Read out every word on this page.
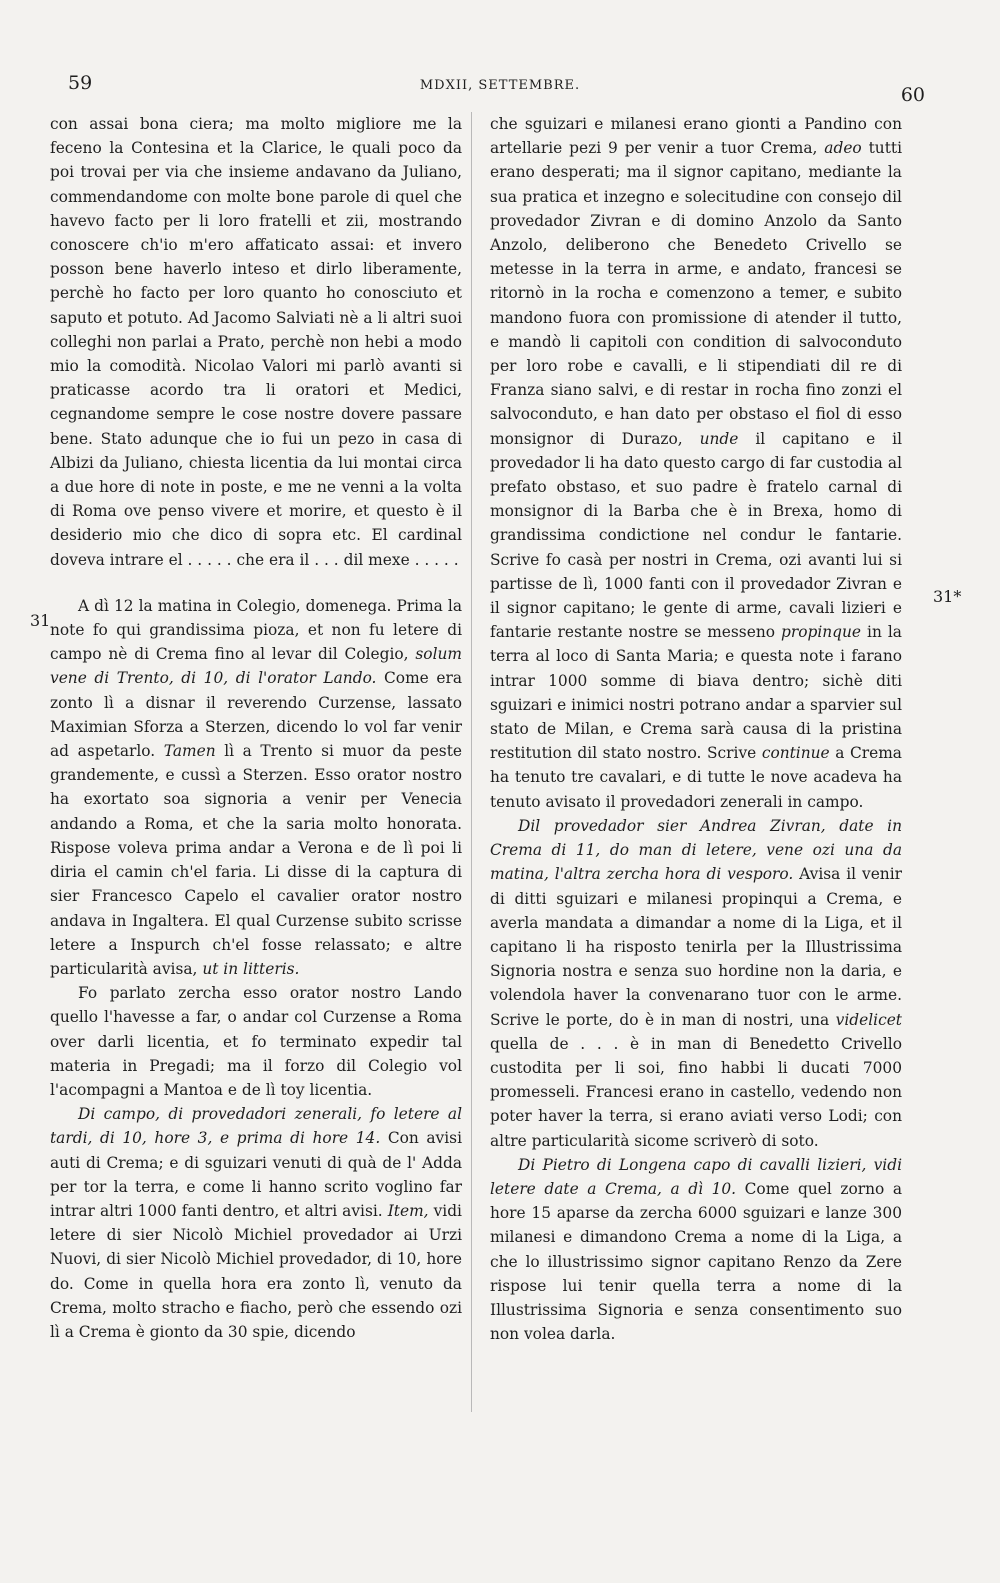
59	MDXII, SETTEMBRE.	60
31
31*

con assai bona ciera; ma molto migliore me la feceno la Contesina et la Clarice, le quali poco da poi trovai per via che insieme andavano da Juliano, commendandome con molte bone parole di quel che havevo facto per li loro fratelli et zii, mostrando conoscere ch'io m'ero affaticato assai: et invero posson bene haverlo inteso et dirlo liberamente, perchè ho facto per loro quanto ho conosciuto et saputo et potuto. Ad Jacomo Salviati nè a li altri suoi colleghi non parlai a Prato, perchè non hebi a modo mio la comodità. Nicolao Valori mi parlò avanti si praticasse acordo tra li oratori et Medici, cegnandome sempre le cose nostre dovere passare bene. Stato adunque che io fui un pezo in casa di Albizi da Juliano, chiesta licentia da lui montai circa a due hore di note in poste, e me ne venni a la volta di Roma ove penso vivere et morire, et questo è il desiderio mio che dico di sopra etc. El cardinal doveva intrare el . . . . . che era il . . . dil mexe . . . . .

A dì 12 la matina in Colegio, domenega. Prima la note fo qui grandissima pioza, et non fu letere di campo nè di Crema fino al levar dil Colegio, solum vene di Trento, di 10, di l'orator Lando. Come era zonto lì a disnar il reverendo Curzense, lassato Maximian Sforza a Sterzen, dicendo lo vol far venir ad aspetarlo. Tamen lì a Trento si muor da peste grandemente, e cussì a Sterzen. Esso orator nostro ha exortato soa signoria a venir per Venecia andando a Roma, et che la saria molto honorata. Rispose voleva prima andar a Verona e de lì poi li diria el camin ch'el faria. Li disse di la captura di sier Francesco Capelo el cavalier orator nostro andava in Ingaltera. El qual Curzense subito scrisse letere a Inspurch ch'el fosse relassato; e altre particularità avisa, ut in litteris.

Fo parlato zercha esso orator nostro Lando quello l'havesse a far, o andar col Curzense a Roma over darli licentia, et fo terminato expedir tal materia in Pregadi; ma il forzo dil Colegio vol l'acompagni a Mantoa e de lì toy licentia.

Di campo, di provedadori zenerali, fo letere al tardi, di 10, hore 3, e prima di hore 14. Con avisi auti di Crema; e di sguizari venuti di quà de l' Adda per tor la terra, e come li hanno scrito voglino far intrar altri 1000 fanti dentro, et altri avisi. Item, vidi letere di sier Nicolò Michiel provedador ai Urzi Nuovi, di sier Nicolò Michiel provedador, di 10, hore do. Come in quella hora era zonto lì, venuto da Crema, molto stracho e fiacho, però che essendo ozi lì a Crema è gionto da 30 spie, dicendo

che sguizari e milanesi erano gionti a Pandino con artellarie pezi 9 per venir a tuor Crema, adeo tutti erano desperati; ma il signor capitano, mediante la sua pratica et inzegno e solecitudine con consejo dil provedador Zivran e di domino Anzolo da Santo Anzolo, deliberono che Benedeto Crivello se metesse in la terra in arme, e andato, francesi se ritornò in la rocha e comenzono a temer, e subito mandono fuora con promissione di atender il tutto, e mandò li capitoli con condition di salvoconduto per loro robe e cavalli, e li stipendiati dil re di Franza siano salvi, e di restar in rocha fino zonzi el salvoconduto, e han dato per obstaso el fiol di esso monsignor di Durazo, unde il capitano e il provedador li ha dato questo cargo di far custodia al prefato obstaso, et suo padre è fratelo carnal di monsignor di la Barba che è in Brexa, homo di grandissima condictione nel condur le fantarie. Scrive fo casà per nostri in Crema, ozi avanti lui si partisse de lì, 1000 fanti con il provedador Zivran e il signor capitano; le gente di arme, cavali lizieri e fantarie restante nostre se messeno propinque in la terra al loco di Santa Maria; e questa note i farano intrar 1000 somme di biava dentro; sichè diti sguizari e inimici nostri potrano andar a sparvier sul stato de Milan, e Crema sarà causa di la pristina restitution dil stato nostro. Scrive continue a Crema ha tenuto tre cavalari, e di tutte le nove acadeva ha tenuto avisato il provedadori zenerali in campo.

Dil provedador sier Andrea Zivran, date in Crema di 11, do man di letere, vene ozi una da matina, l'altra zercha hora di vesporo. Avisa il venir di ditti sguizari e milanesi propinqui a Crema, e averla mandata a dimandar a nome di la Liga, et il capitano li ha risposto tenirla per la Illustrissima Signoria nostra e senza suo hordine non la daria, e volendola haver la convenarano tuor con le arme. Scrive le porte, do è in man di nostri, una videlicet quella de . . . è in man di Benedetto Crivello custodita per li soi, fino habbi li ducati 7000 promesseli. Francesi erano in castello, vedendo non poter haver la terra, si erano aviati verso Lodi; con altre particularità sicome scriverò di soto.

Di Pietro di Longena capo di cavalli lizieri, vidi letere date a Crema, a dì 10. Come quel zorno a hore 15 aparse da zercha 6000 sguizari e lanze 300 milanesi e dimandono Crema a nome di la Liga, a che lo illustrissimo signor capitano Renzo da Zere rispose lui tenir quella terra a nome di la Illustrissima Signoria e senza consentimento suo non volea darla.
